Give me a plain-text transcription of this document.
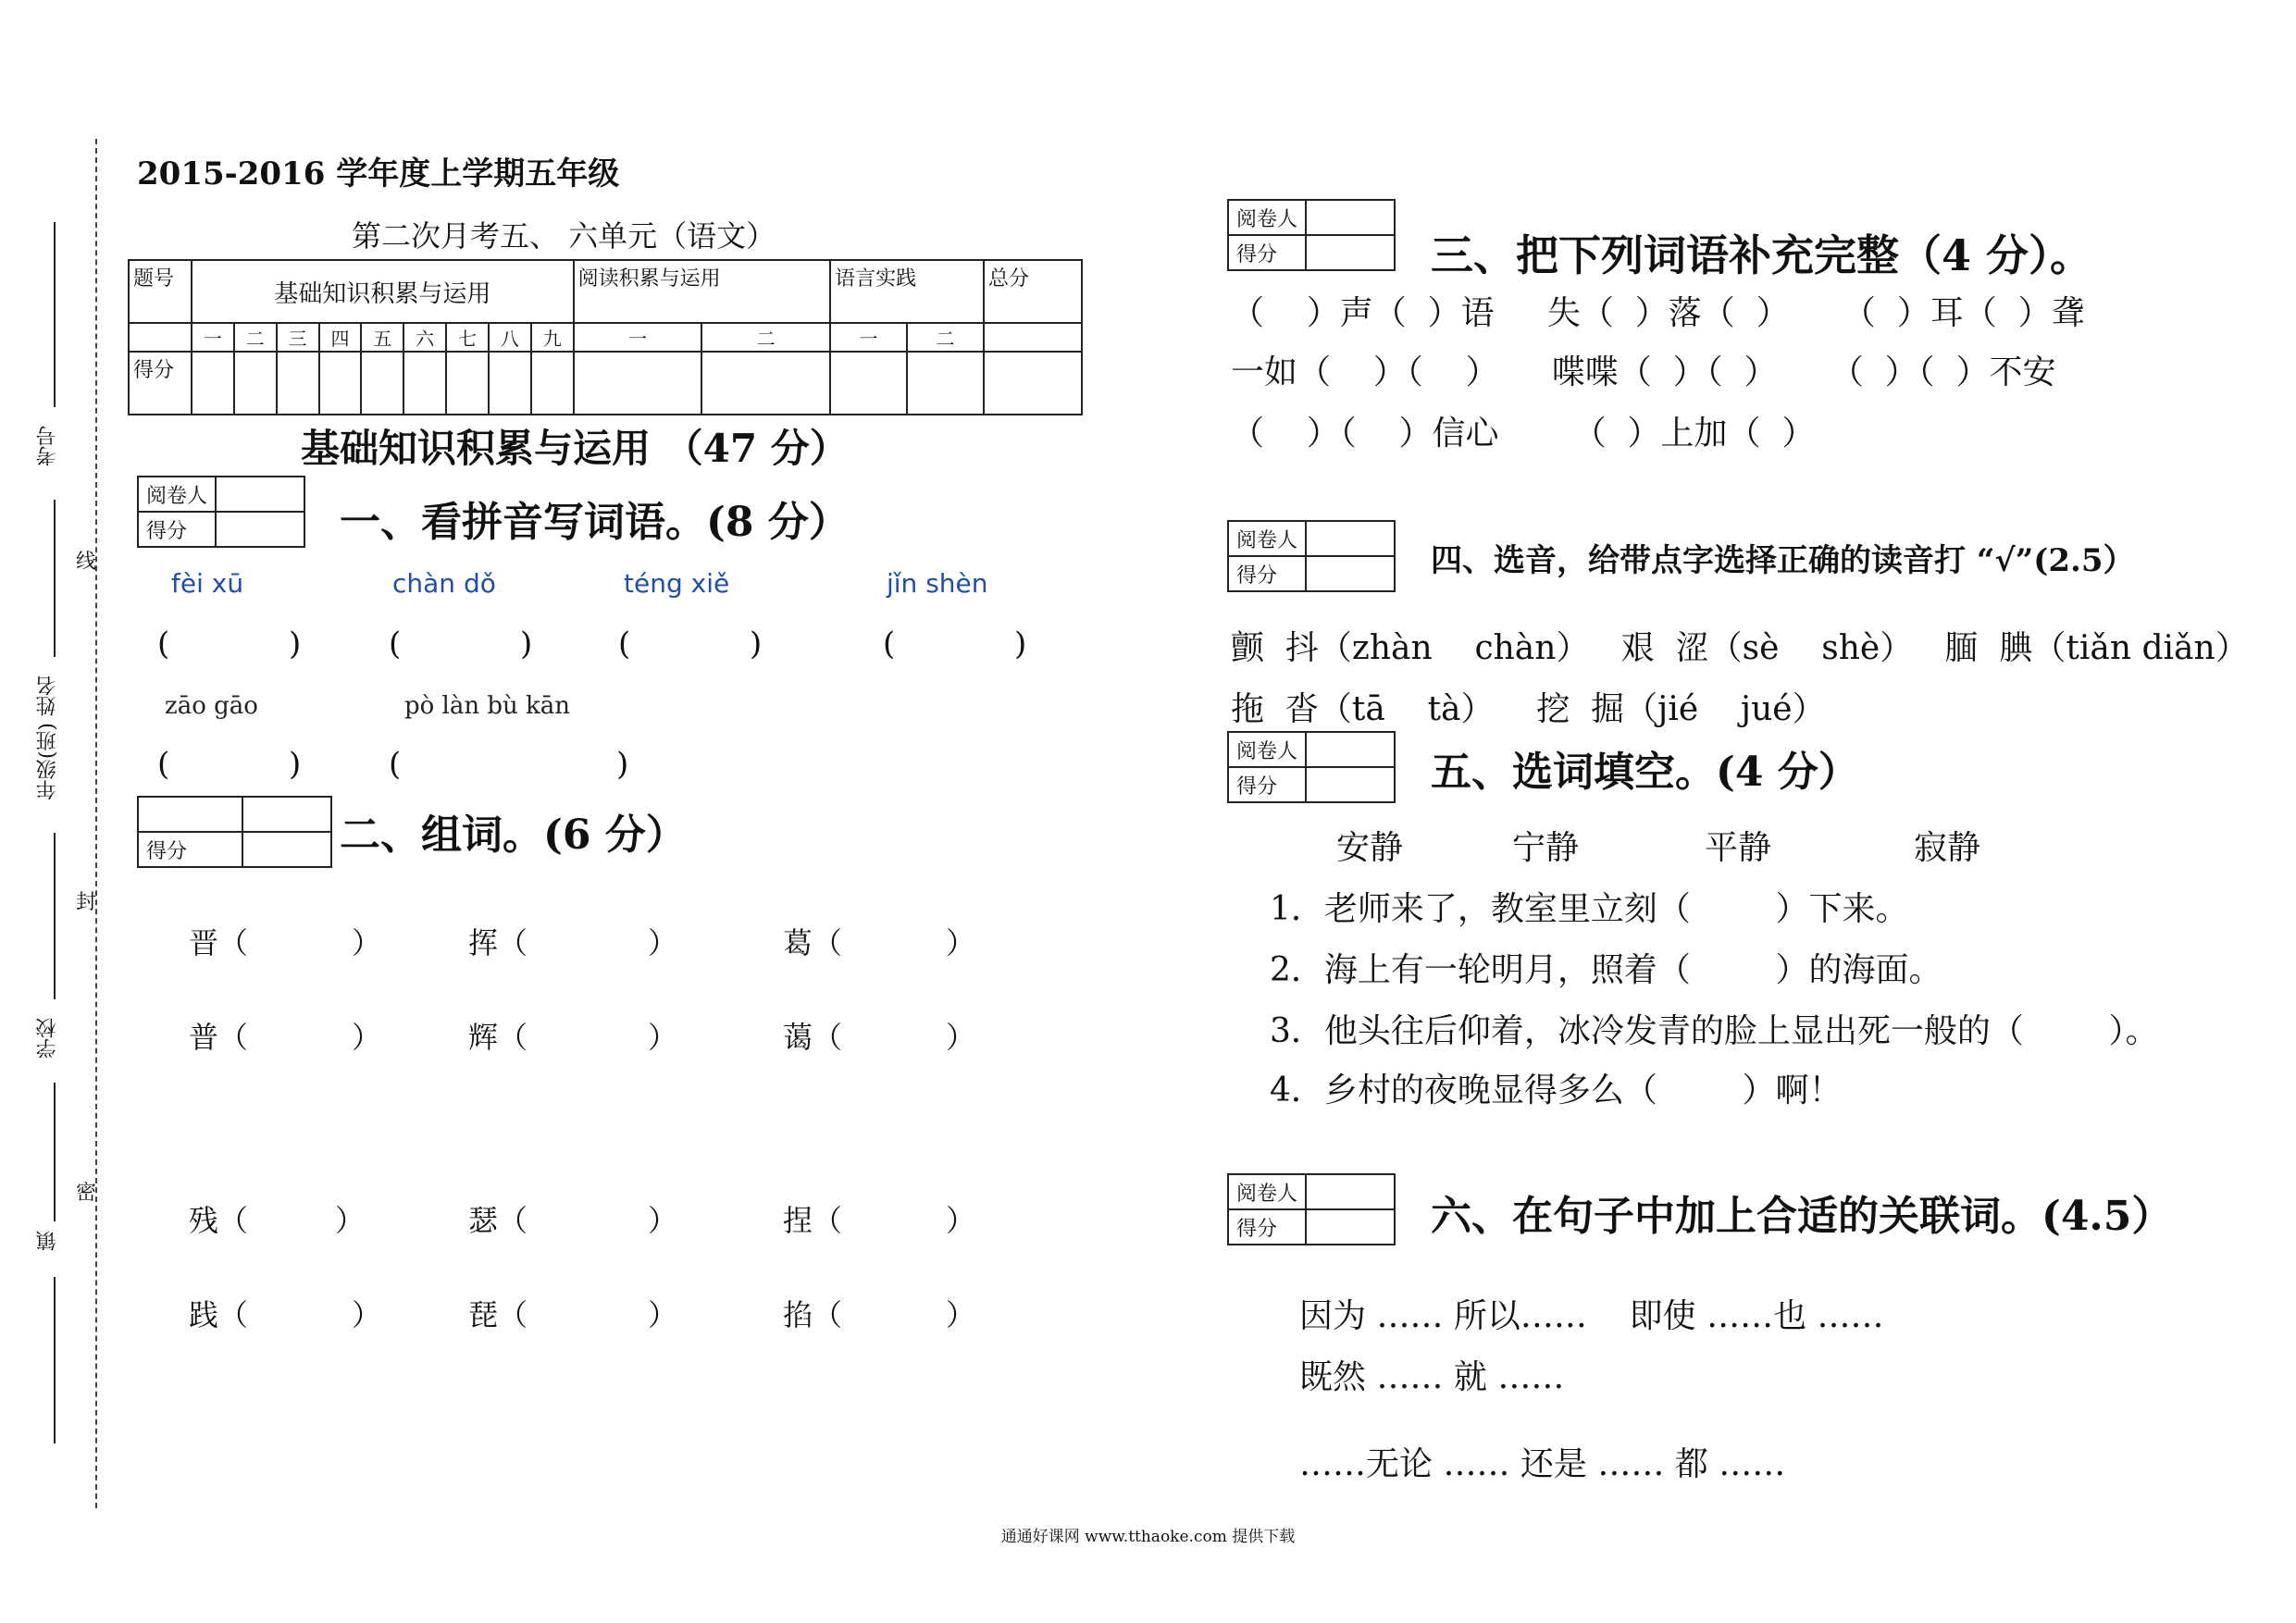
考号
年级(班) 姓名
学校
镇
线
封
密
2015-2016 学年度上学期五年级
第二次月考五、 六单元（语文）
题号	基础知识积累与运用									阅读积累与运用		语言实践		总分
	一	二	三	四	五	六	七	八	九	一	二	一	二	
得分														
基础知识积累与运用 （47 分）
阅卷人	
得分		一、看拼音写词语。(8 分）
fèi xū	chàn dǒ	téng xiě	jǐn shèn
(	)	(	)	(	)	(	)
zāo gāo	pò làn bù kān
(	)	(	)

得分		二、组词。(6 分）
晋（	）	挥（	）	葛（	）
普（	）	辉（	）	蔼（	）
残（	）	瑟（	）	捏（	）
践（	）	琵（	）	掐（	）
阅卷人	
得分		三、把下列词语补充完整（4 分）。
（    ）声（  ）语     失（  ）落（  ）     （  ）耳（  ）聋
一如（    ）（    ）     喋喋（  ）（  ）     （  ）（  ）不安
（    ）（    ）信心       （  ）上加（  ）
阅卷人	
得分		四、选音，给带点字选择正确的读音打 “√”(2.5）
颤  抖（zhàn    chàn）   艰  涩（sè    shè）   腼  腆（tiǎn diǎn）
拖  沓（tā    tà）    挖  掘（jié    jué）
阅卷人	
得分		五、选词填空。(4 分）
安静	宁静	平静	寂静
1．老师来了，教室里立刻（        ）下来。
2．海上有一轮明月，照着（        ）的海面。
3．他头往后仰着，冰冷发青的脸上显出死一般的（        ）。
4．乡村的夜晚显得多么（        ）啊！
阅卷人	
得分		六、在句子中加上合适的关联词。(4.5）
因为 …… 所以……    即使 ……也 ……
既然 …… 就 ……
……无论 …… 还是 …… 都 ……
通通好课网 www.tthaoke.com 提供下载
